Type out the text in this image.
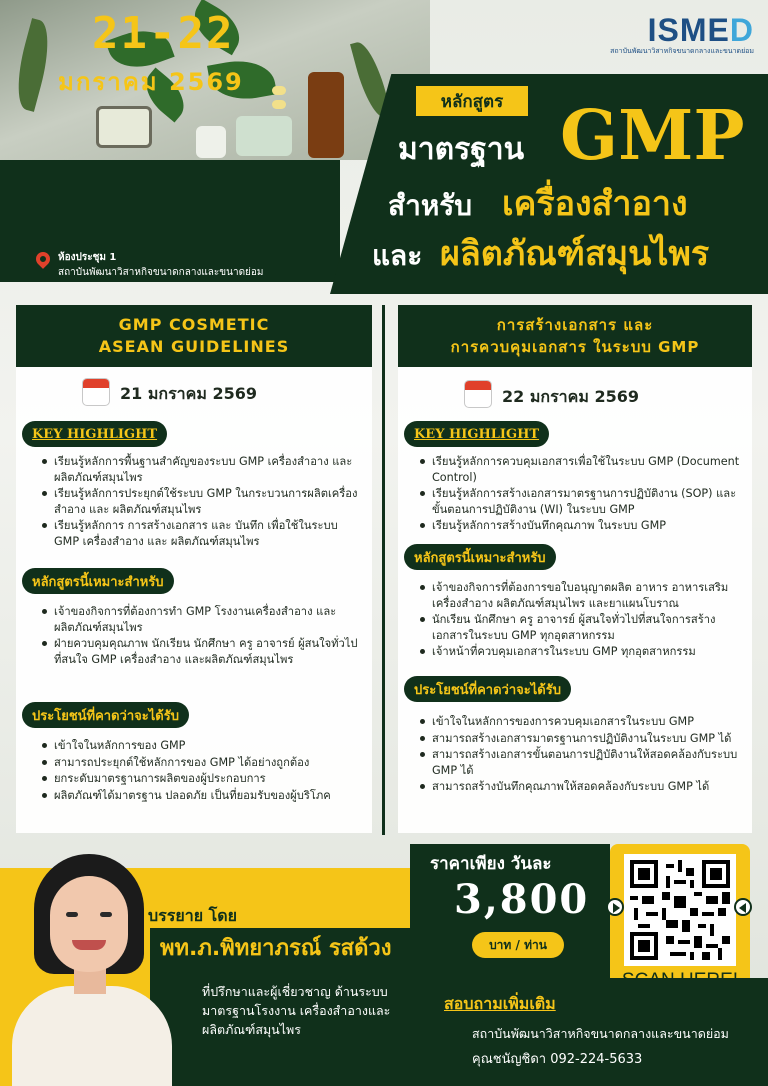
ISMED
สถาบันพัฒนาวิสาหกิจขนาดกลางและขนาดย่อม
21-22
มกราคม 2569
ห้องประชุม 1
สถาบันพัฒนาวิสาหกิจขนาดกลางและขนาดย่อม
หลักสูตร
มาตรฐาน GMP
สำหรับ เครื่องสำอาง
และ ผลิตภัณฑ์สมุนไพร
GMP COSMETIC
ASEAN GUIDELINES
21 มกราคม 2569
KEY HIGHLIGHT
เรียนรู้หลักการพื้นฐานสำคัญของระบบ GMP เครื่องสำอาง และ ผลิตภัณฑ์สมุนไพร
เรียนรู้หลักการประยุกต์ใช้ระบบ GMP ในกระบวนการผลิตเครื่องสำอาง และ ผลิตภัณฑ์สมุนไพร
เรียนรู้หลักการ การสร้างเอกสาร และ บันทึก เพื่อใช้ในระบบ GMP เครื่องสำอาง และ ผลิตภัณฑ์สมุนไพร
หลักสูตรนี้เหมาะสำหรับ
เจ้าของกิจการที่ต้องการทำ GMP โรงงานเครื่องสำอาง และ ผลิตภัณฑ์สมุนไพร
ฝ่ายควบคุมคุณภาพ นักเรียน นักศึกษา ครู อาจารย์ ผู้สนใจทั่วไป ที่สนใจ GMP เครื่องสำอาง และผลิตภัณฑ์สมุนไพร
ประโยชน์ที่คาดว่าจะได้รับ
เข้าใจในหลักการของ GMP
สามารถประยุกต์ใช้หลักการของ GMP ได้อย่างถูกต้อง
ยกระดับมาตรฐานการผลิตของผู้ประกอบการ
ผลิตภัณฑ์ได้มาตรฐาน ปลอดภัย เป็นที่ยอมรับของผู้บริโภค
การสร้างเอกสาร และ
การควบคุมเอกสาร ในระบบ GMP
22 มกราคม 2569
KEY HIGHLIGHT
เรียนรู้หลักการควบคุมเอกสารเพื่อใช้ในระบบ GMP (Document Control)
เรียนรู้หลักการสร้างเอกสารมาตรฐานการปฏิบัติงาน (SOP) และ ขั้นตอนการปฏิบัติงาน (WI) ในระบบ GMP
เรียนรู้หลักการสร้างบันทึกคุณภาพ ในระบบ GMP
หลักสูตรนี้เหมาะสำหรับ
เจ้าของกิจการที่ต้องการขอใบอนุญาตผลิต อาหาร อาหารเสริม เครื่องสำอาง ผลิตภัณฑ์สมุนไพร และยาแผนโบราณ
นักเรียน นักศึกษา ครู อาจารย์ ผู้สนใจทั่วไปที่สนใจการสร้างเอกสารในระบบ GMP ทุกอุตสาหกรรม
เจ้าหน้าที่ควบคุมเอกสารในระบบ GMP ทุกอุตสาหกรรม
ประโยชน์ที่คาดว่าจะได้รับ
เข้าใจในหลักการของการควบคุมเอกสารในระบบ GMP
สามารถสร้างเอกสารมาตรฐานการปฏิบัติงานในระบบ GMP ได้
สามารถสร้างเอกสารขั้นตอนการปฏิบัติงานให้สอดคล้องกับระบบ GMP ได้
สามารถสร้างบันทึกคุณภาพให้สอดคล้องกับระบบ GMP ได้
บรรยาย โดย
พท.ภ.พิทยาภรณ์ รสด้วง
ที่ปรึกษาและผู้เชี่ยวชาญ ด้านระบบมาตรฐานโรงงาน เครื่องสำอางและผลิตภัณฑ์สมุนไพร
ราคาเพียง วันละ
3,800
บาท / ท่าน
สอบถามเพิ่มเติม
สถาบันพัฒนาวิสาหกิจขนาดกลางและขนาดย่อม
คุณชนัญชิดา 092-224-5633
